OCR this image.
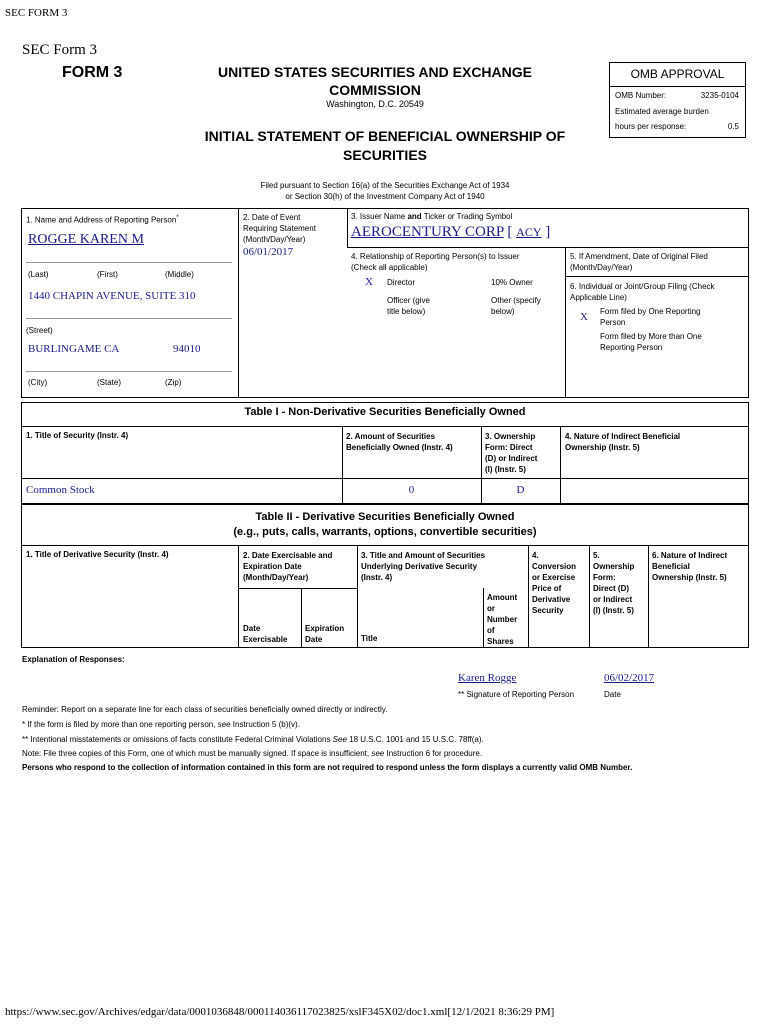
SEC FORM 3
SEC Form 3
FORM 3	UNITED STATES SECURITIES AND EXCHANGE
COMMISSION
Washington, D.C. 20549
INITIAL STATEMENT OF BENEFICIAL OWNERSHIP OF
SECURITIES
OMB APPROVAL
OMB Number:	3235-0104
Estimated average burden
hours per response:	0.5
Filed pursuant to Section 16(a) of the Securities Exchange Act of 1934
or Section 30(h) of the Investment Company Act of 1940
1. Name and Address of Reporting Person*
ROGGE KAREN M
(Last)	(First)	(Middle)
1440 CHAPIN AVENUE, SUITE 310
(Street)
BURLINGAME CA	94010
(City)	(State)	(Zip)
2. Date of Event
Requiring Statement
(Month/Day/Year)
06/01/2017
3. Issuer Name and Ticker or Trading Symbol
AEROCENTURY CORP [ ACY ]
4. Relationship of Reporting Person(s) to Issuer
(Check all applicable)
X Director	10% Owner
Officer (give
title below)
Other (specify
below)
5. If Amendment, Date of Original Filed
(Month/Day/Year)
6. Individual or Joint/Group Filing (Check
Applicable Line)
X Form filed by One Reporting
Person
Form filed by More than One
Reporting Person
Table I - Non-Derivative Securities Beneficially Owned
1. Title of Security (Instr. 4)	2. Amount of Securities
Beneficially Owned (Instr. 4)
3. Ownership
Form: Direct
(D) or Indirect
(I) (Instr. 5)
4. Nature of Indirect Beneficial
Ownership (Instr. 5)
Common Stock	0	D
Table II - Derivative Securities Beneficially Owned
(e.g., puts, calls, warrants, options, convertible securities)
1. Title of Derivative Security (Instr. 4)	2. Date Exercisable and
Expiration Date
(Month/Day/Year)
3. Title and Amount of Securities
Underlying Derivative Security
(Instr. 4)
4.
Conversion
or Exercise
Price of
Derivative
Security
5.
Ownership
Form:
Direct (D)
or Indirect
(I) (Instr. 5)
6. Nature of Indirect
Beneficial
Ownership (Instr. 5)
Date
Exercisable
Expiration
Date	Title
Amount
or
Number
of
Shares
Explanation of Responses:
Karen Rogge	06/02/2017
** Signature of Reporting Person	Date
Reminder: Report on a separate line for each class of securities beneficially owned directly or indirectly.
* If the form is filed by more than one reporting person, see Instruction 5 (b)(v).
** Intentional misstatements or omissions of facts constitute Federal Criminal Violations See 18 U.S.C. 1001 and 15 U.S.C. 78ff(a).
Note: File three copies of this Form, one of which must be manually signed. If space is insufficient, see Instruction 6 for procedure.
Persons who respond to the collection of information contained in this form are not required to respond unless the form displays a currently valid OMB Number.
https://www.sec.gov/Archives/edgar/data/0001036848/000114036117023825/xslF345X02/doc1.xml[12/1/2021 8:36:29 PM]
